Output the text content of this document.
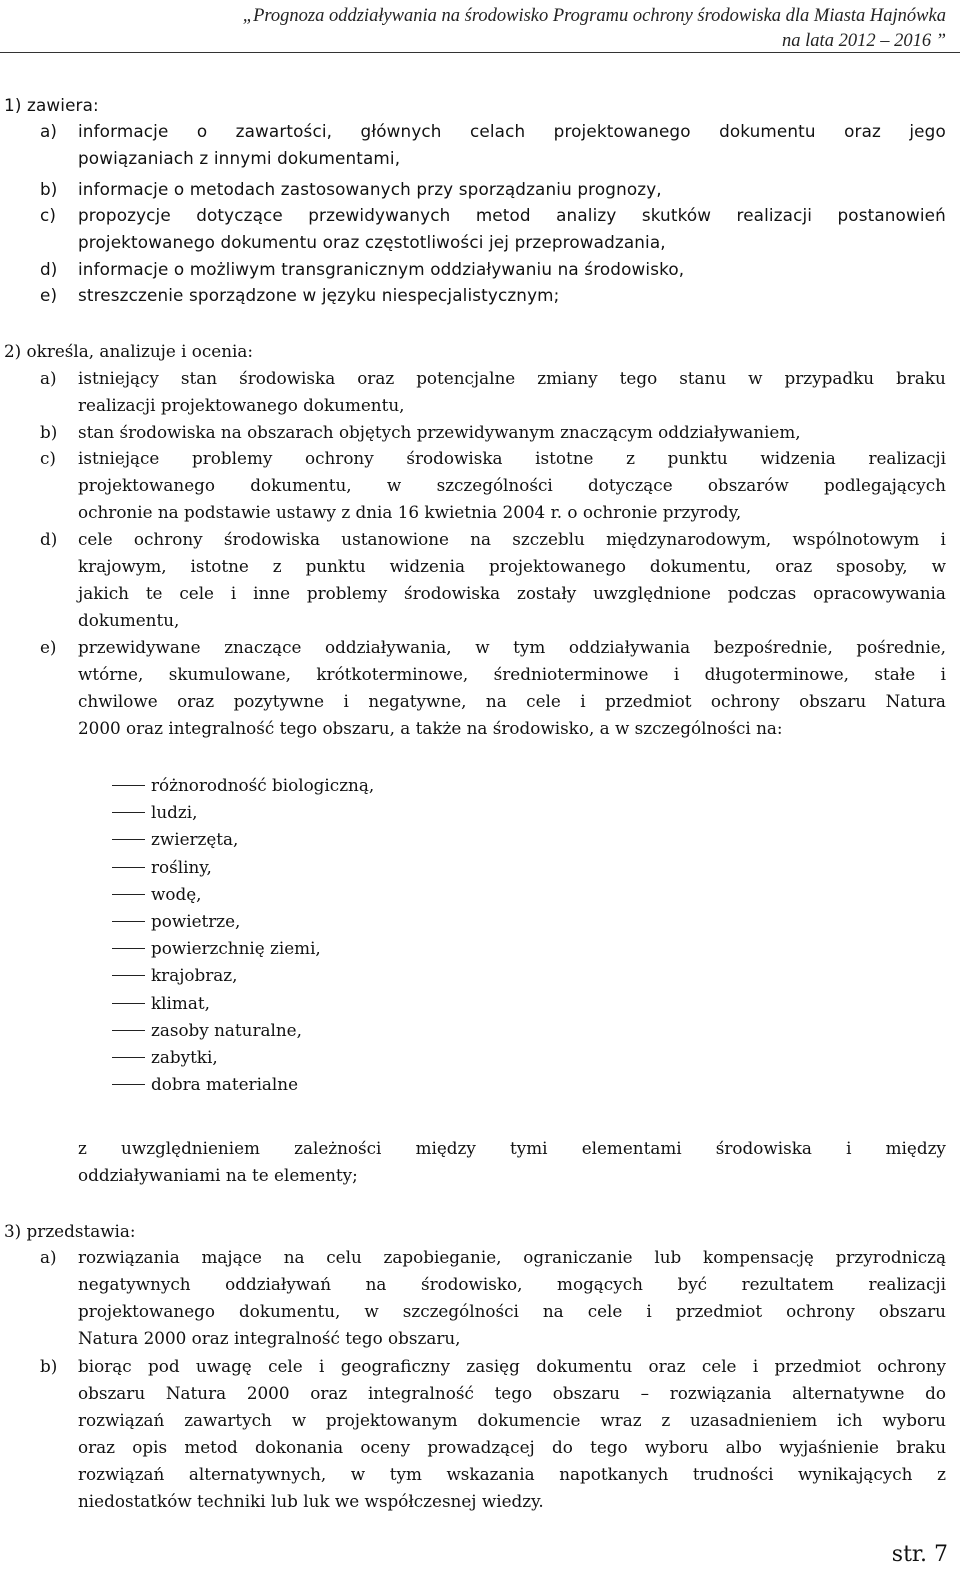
„Prognoza oddziaływania na środowisko Programu ochrony środowiska dla Miasta Hajnówka
na lata 2012 – 2016 ”
1) zawiera:
a) informacje o zawartości, głównych celach projektowanego dokumentu oraz jego
powiązaniach z innymi dokumentami,
b) informacje o metodach zastosowanych przy sporządzaniu prognozy,
c) propozycje dotyczące przewidywanych metod analizy skutków realizacji postanowień
projektowanego dokumentu oraz częstotliwości jej przeprowadzania,
d) informacje o możliwym transgranicznym oddziaływaniu na środowisko,
e) streszczenie sporządzone w języku niespecjalistycznym;
2) określa, analizuje i ocenia:
a) istniejący stan środowiska oraz potencjalne zmiany tego stanu w przypadku braku
realizacji projektowanego dokumentu,
b) stan środowiska na obszarach objętych przewidywanym znaczącym oddziaływaniem,
c) istniejące problemy ochrony środowiska istotne z punktu widzenia realizacji
projektowanego dokumentu, w szczególności dotyczące obszarów podlegających
ochronie na podstawie ustawy z dnia 16 kwietnia 2004 r. o ochronie przyrody,
d) cele ochrony środowiska ustanowione na szczeblu międzynarodowym, wspólnotowym i
krajowym, istotne z punktu widzenia projektowanego dokumentu, oraz sposoby, w
jakich te cele i inne problemy środowiska zostały uwzględnione podczas opracowywania
dokumentu,
e) przewidywane znaczące oddziaływania, w tym oddziaływania bezpośrednie, pośrednie,
wtórne, skumulowane, krótkoterminowe, średnioterminowe i długoterminowe, stałe i
chwilowe oraz pozytywne i negatywne, na cele i przedmiot ochrony obszaru Natura
2000 oraz integralność tego obszaru, a także na środowisko, a w szczególności na:
różnorodność biologiczną,
ludzi,
zwierzęta,
rośliny,
wodę,
powietrze,
powierzchnię ziemi,
krajobraz,
klimat,
zasoby naturalne,
zabytki,
dobra materialne
z uwzględnieniem zależności między tymi elementami środowiska i między
oddziaływaniami na te elementy;
3) przedstawia:
a) rozwiązania mające na celu zapobieganie, ograniczanie lub kompensację przyrodniczą
negatywnych oddziaływań na środowisko, mogących być rezultatem realizacji
projektowanego dokumentu, w szczególności na cele i przedmiot ochrony obszaru
Natura 2000 oraz integralność tego obszaru,
b) biorąc pod uwagę cele i geograficzny zasięg dokumentu oraz cele i przedmiot ochrony
obszaru Natura 2000 oraz integralność tego obszaru – rozwiązania alternatywne do
rozwiązań zawartych w projektowanym dokumencie wraz z uzasadnieniem ich wyboru
oraz opis metod dokonania oceny prowadzącej do tego wyboru albo wyjaśnienie braku
rozwiązań alternatywnych, w tym wskazania napotkanych trudności wynikających z
niedostatków techniki lub luk we współczesnej wiedzy.
str. 7
